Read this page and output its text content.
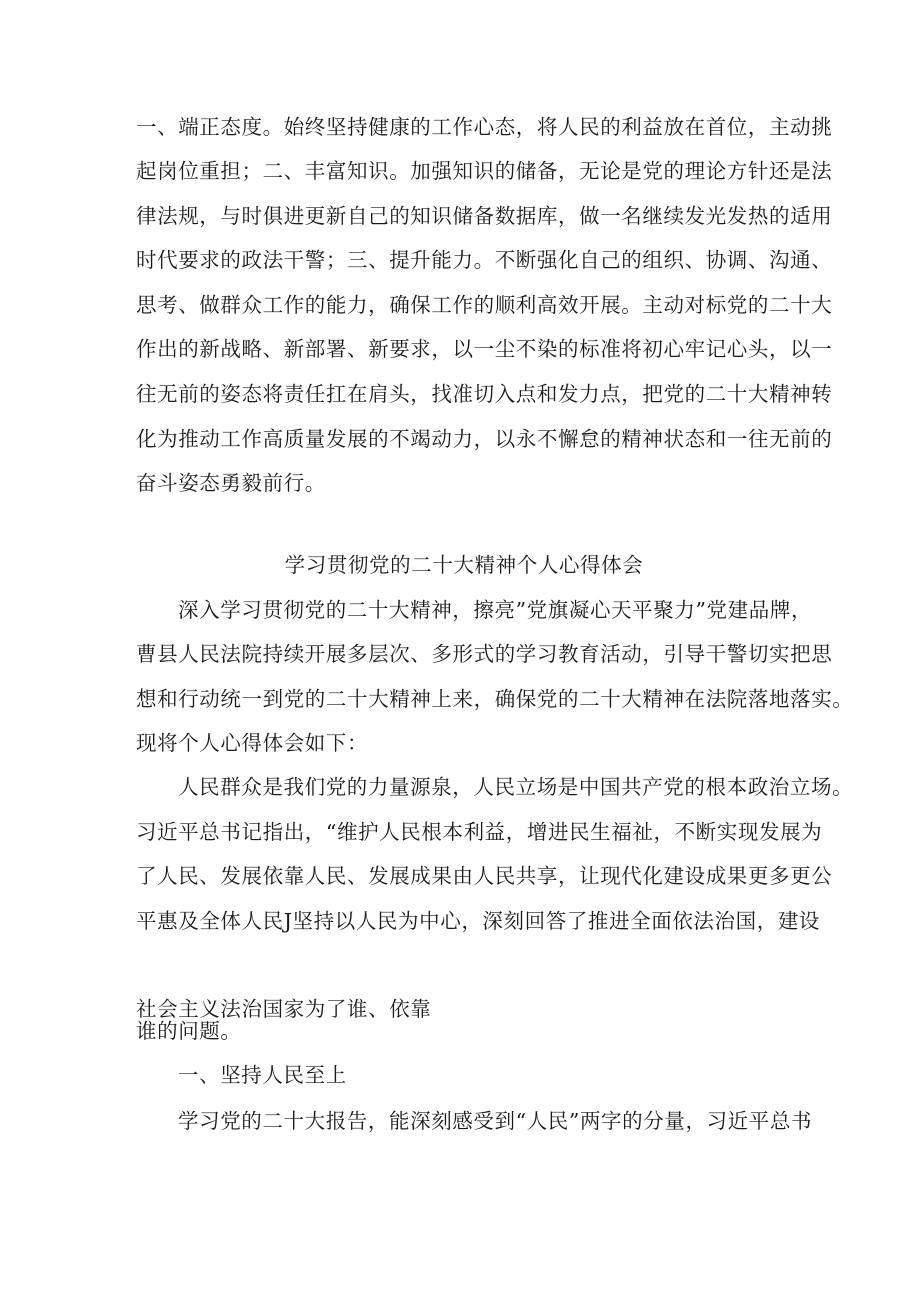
一、端正态度。始终坚持健康的工作心态，将人民的利益放在首位，主动挑
起岗位重担；二、丰富知识。加强知识的储备，无论是党的理论方针还是法
律法规，与时俱进更新自己的知识储备数据库，做一名继续发光发热的适用
时代要求的政法干警；三、提升能力。不断强化自己的组织、协调、沟通、
思考、做群众工作的能力，确保工作的顺利高效开展。主动对标党的二十大
作出的新战略、新部署、新要求，以一尘不染的标准将初心牢记心头，以一
往无前的姿态将责任扛在肩头，找准切入点和发力点，把党的二十大精神转
化为推动工作高质量发展的不竭动力，以永不懈怠的精神状态和一往无前的
奋斗姿态勇毅前行。
学习贯彻党的二十大精神个人心得体会
深入学习贯彻党的二十大精神，擦亮”党旗凝心天平聚力”党建品牌，
曹县人民法院持续开展多层次、多形式的学习教育活动，引导干警切实把思
想和行动统一到党的二十大精神上来，确保党的二十大精神在法院落地落实。
现将个人心得体会如下：
人民群众是我们党的力量源泉，人民立场是中国共产党的根本政治立场。
习近平总书记指出，“维护人民根本利益，增进民生福祉，不断实现发展为
了人民、发展依靠人民、发展成果由人民共享，让现代化建设成果更多更公
平惠及全体人民J坚持以人民为中心，深刻回答了推进全面依法治国，建设
社会主义法治国家为了谁、依靠
谁的问题。
一、坚持人民至上
学习党的二十大报告，能深刻感受到“人民”两字的分量，习近平总书
